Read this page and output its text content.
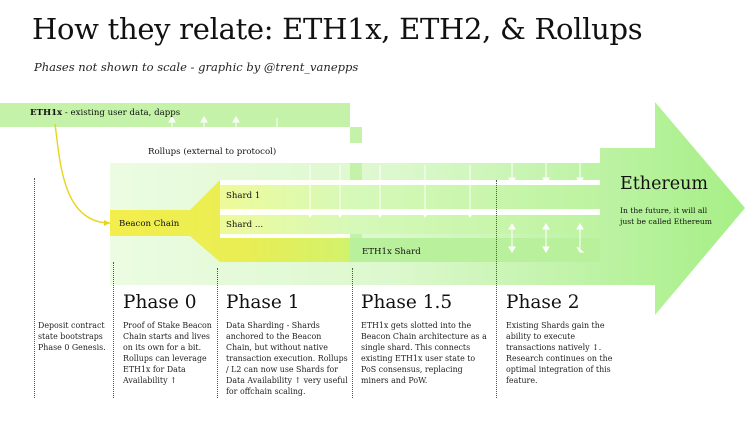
How they relate: ETH1x, ETH2, & Rollups
Phases not shown to scale - graphic by @trent_vanepps
ETH1x - existing user data, dapps
Rollups (external to protocol)
Beacon Chain
Shard 1
Shard ...
ETH1x Shard
Ethereum
In the future, it will all just be called Ethereum
Deposit contract state bootstraps Phase 0 Genesis.
Phase 0
Proof of Stake Beacon Chain starts and lives on its own for a bit. Rollups can leverage ETH1x for Data Availability ↑
Phase 1
Data Sharding - Shards anchored to the Beacon Chain, but without native transaction execution. Rollups / L2 can now use Shards for Data Availability ↑ very useful for offchain scaling.
Phase 1.5
ETH1x gets slotted into the Beacon Chain architecture as a single shard. This connects existing ETH1x user state to PoS consensus, replacing miners and PoW.
Phase 2
Existing Shards gain the ability to execute transactions natively ↕. Research continues on the optimal integration of this feature.
